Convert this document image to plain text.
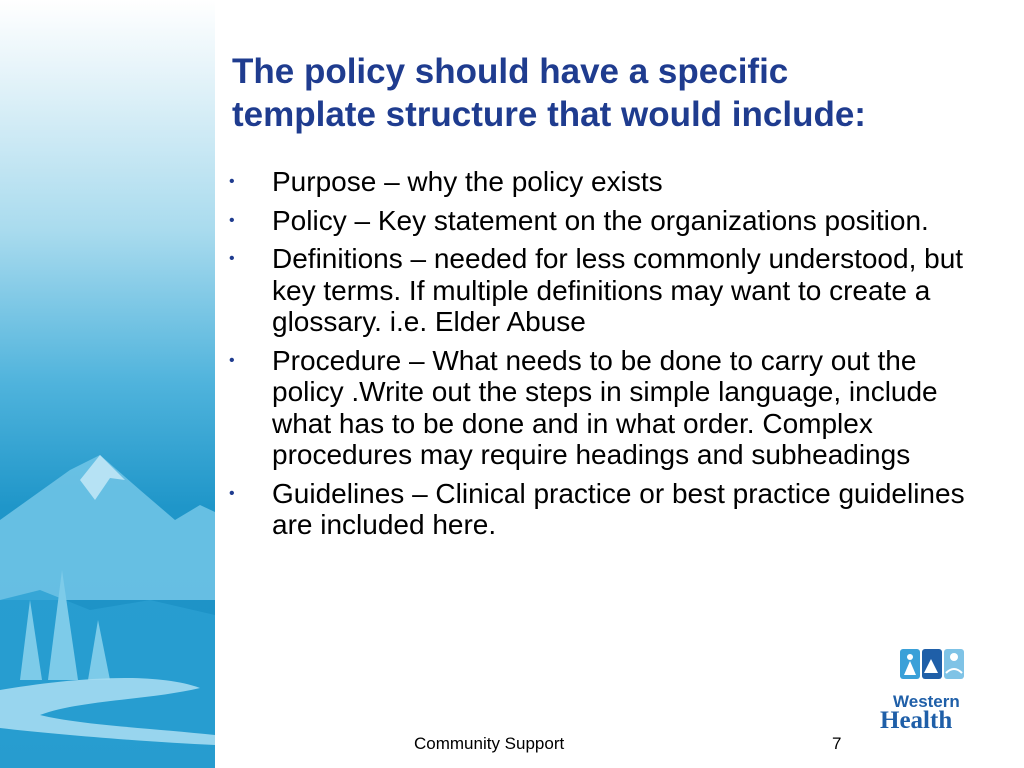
The policy should have a specific
template structure that would include:
• Purpose – why the policy exists
• Policy – Key statement on the organizations position.
• Definitions – needed for less commonly understood, but key terms. If multiple definitions may want to create a glossary. i.e. Elder Abuse
• Procedure – What needs to be done to carry out the policy .Write out the steps in simple language, include what has to be done and in what order. Complex procedures may require headings and subheadings
• Guidelines – Clinical practice or best practice guidelines are included here.
Western
Health
Community Support	7
